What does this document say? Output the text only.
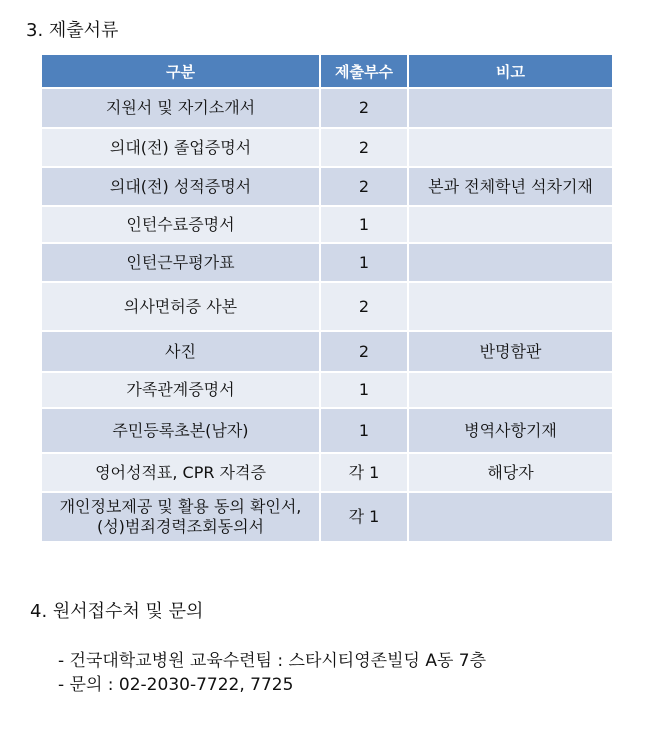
3. 제출서류
구분	제출부수	비고
지원서 및 자기소개서	2	
의대(전) 졸업증명서	2	
의대(전) 성적증명서	2	본과 전체학년 석차기재
인턴수료증명서	1	
인턴근무평가표	1	
의사면허증 사본	2	
사진	2	반명함판
가족관계증명서	1	
주민등록초본(남자)	1	병역사항기재
영어성적표, CPR 자격증	각 1	해당자

개인정보제공 및 활용 동의 확인서,
(성)범죄경력조회동의서	각 1	
4. 원서접수처 및 문의
- 건국대학교병원 교육수련팀 : 스타시티영존빌딩 A동 7층
- 문의 : 02-2030-7722, 7725
